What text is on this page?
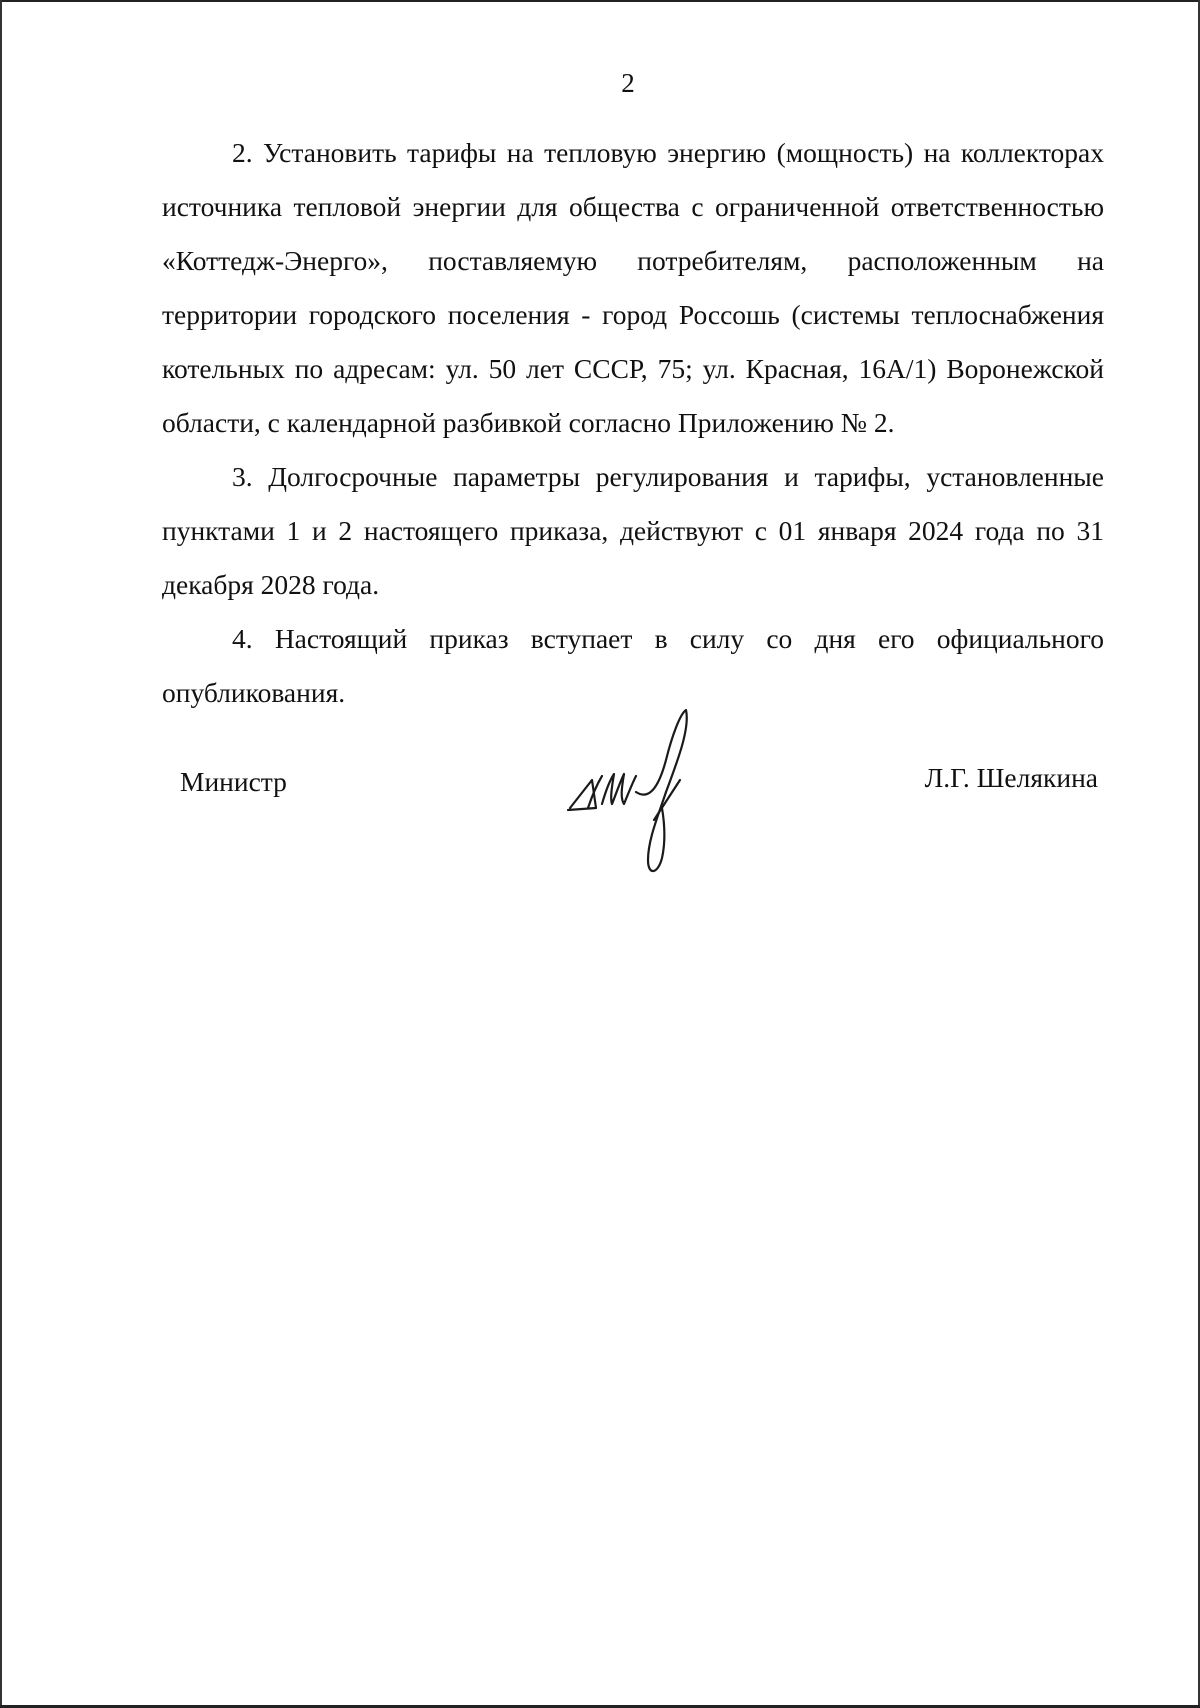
2

2. Установить тарифы на тепловую энергию (мощность) на коллекторах источника тепловой энергии для общества с ограниченной ответственностью «Коттедж-Энерго», поставляемую потребителям, расположенным на территории городского поселения - город Россошь (системы теплоснабжения котельных по адресам: ул. 50 лет СССР, 75; ул. Красная, 16А/1) Воронежской области, с календарной разбивкой согласно Приложению № 2.

3. Долгосрочные параметры регулирования и тарифы, установленные пунктами 1 и 2 настоящего приказа, действуют с 01 января 2024 года по 31 декабря 2028 года.

4. Настоящий приказ вступает в силу со дня его официального опубликования.

Министр	Л.Г. Шелякина
